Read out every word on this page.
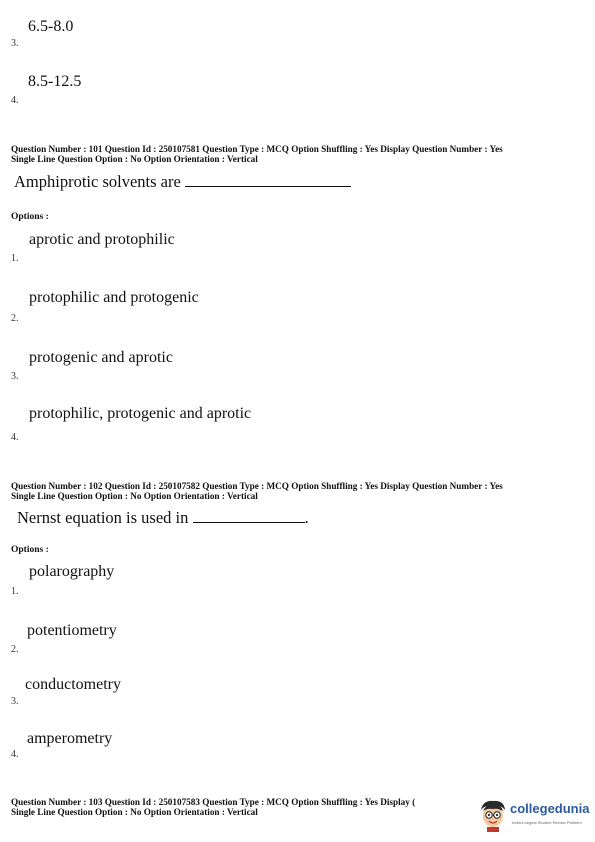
6.5-8.0
3.
8.5-12.5
4.
Question Number : 101 Question Id : 250107581 Question Type : MCQ Option Shuffling : Yes Display Question Number : Yes
Single Line Question Option : No Option Orientation : Vertical
Amphiprotic solvents are
Options :
aprotic and protophilic
1.
protophilic and protogenic
2.
protogenic and aprotic
3.
protophilic, protogenic and aprotic
4.
Question Number : 102 Question Id : 250107582 Question Type : MCQ Option Shuffling : Yes Display Question Number : Yes
Single Line Question Option : No Option Orientation : Vertical
Nernst equation is used in	.
Options :
polarography
1.
potentiometry
2.
conductometry
3.
amperometry
4.
Question Number : 103 Question Id : 250107583 Question Type : MCQ Option Shuffling : Yes Display (
Single Line Question Option : No Option Orientation : Vertical	collegedunia
India's largest Student Review Platform
